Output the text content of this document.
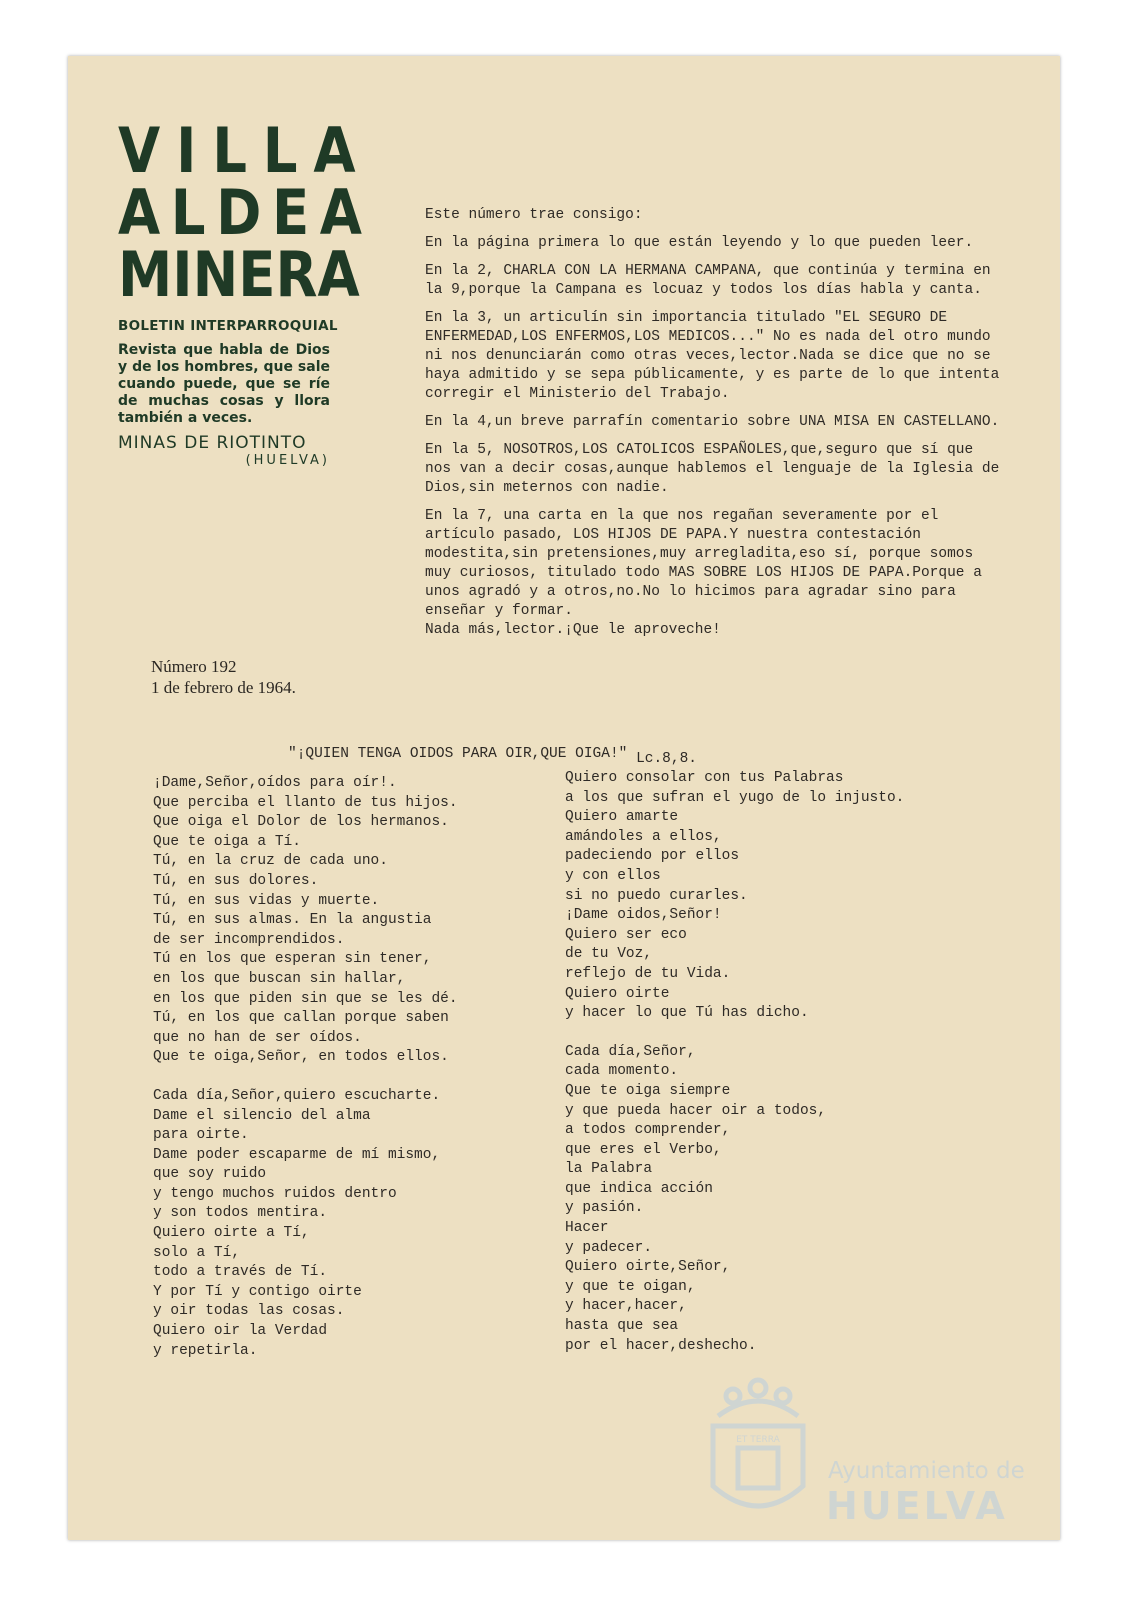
VILLA
ALDEA
MINERA
BOLETIN INTERPARROQUIAL
Revista que habla de Dios y de los hombres, que sale cuando puede, que se ríe de muchas cosas y llora también a veces.
MINAS DE RIOTINTO
(HUELVA)
Número 192
1 de febrero de 1964.

Este número trae consigo:

En la página primera lo que están leyendo y lo que pueden leer.

En la 2, CHARLA CON LA HERMANA CAMPANA, que continúa y termina en la 9,porque la Campana es locuaz y todos los días habla y canta.

En la 3, un articulín sin importancia titulado "EL SEGURO DE ENFERMEDAD,LOS ENFERMOS,LOS MEDICOS..." No es nada del otro mundo ni nos denunciarán como otras veces,lector.Nada se dice que no se haya admitido y se sepa públicamente, y es parte de lo que intenta corregir el Ministerio del Trabajo.

En la 4,un breve parrafín comentario sobre UNA MISA EN CASTELLANO.

En la 5, NOSOTROS,LOS CATOLICOS ESPAÑOLES,que,seguro que sí que nos van a decir cosas,aunque hablemos el lenguaje de la Iglesia de Dios,sin meternos con nadie.

En la 7, una carta en la que nos regañan severamente por el artículo pasado, LOS HIJOS DE PAPA.Y nuestra contestación modestita,sin pretensiones,muy arregladita,eso sí, porque somos muy curiosos, titulado todo MAS SOBRE LOS HIJOS DE PAPA.Porque a unos agradó y a otros,no.No lo hicimos para agradar sino para enseñar y formar.

Nada más,lector.¡Que le aproveche!

"¡QUIEN TENGA OIDOS PARA OIR,QUE OIGA!" Lc.8,8.
¡Dame,Señor,oídos para oír!.
Que perciba el llanto de tus hijos.
Que oiga el Dolor de los hermanos.
Que te oiga a Tí.
Tú, en la cruz de cada uno.
Tú, en sus dolores.
Tú, en sus vidas y muerte.
Tú, en sus almas. En la angustia
de ser incomprendidos.
Tú en los que esperan sin tener,
en los que buscan sin hallar,
en los que piden sin que se les dé.
Tú, en los que callan porque saben
que no han de ser oídos.
Que te oiga,Señor, en todos ellos.
Cada día,Señor,quiero escucharte.
Dame el silencio del alma
para oirte.
Dame poder escaparme de mí mismo,
que soy ruido
y tengo muchos ruidos dentro
y son todos mentira.
Quiero oirte a Tí,
solo a Tí,
todo a través de Tí.
Y por Tí y contigo oirte
y oir todas las cosas.
Quiero oir la Verdad
y repetirla.
Quiero consolar con tus Palabras
a los que sufran el yugo de lo injusto.
Quiero amarte
amándoles a ellos,
padeciendo por ellos
y con ellos
si no puedo curarles.
¡Dame oidos,Señor!
Quiero ser eco
de tu Voz,
reflejo de tu Vida.
Quiero oirte
y hacer lo que Tú has dicho.
Cada día,Señor,
cada momento.
Que te oiga siempre
y que pueda hacer oir a todos,
a todos comprender,
que eres el Verbo,
la Palabra
que indica acción
y pasión.
Hacer
y padecer.
Quiero oirte,Señor,
y que te oigan,
y hacer,hacer,
hasta que sea
por el hacer,deshecho.
ET TERRA
Ayuntamiento de
HUELVA
